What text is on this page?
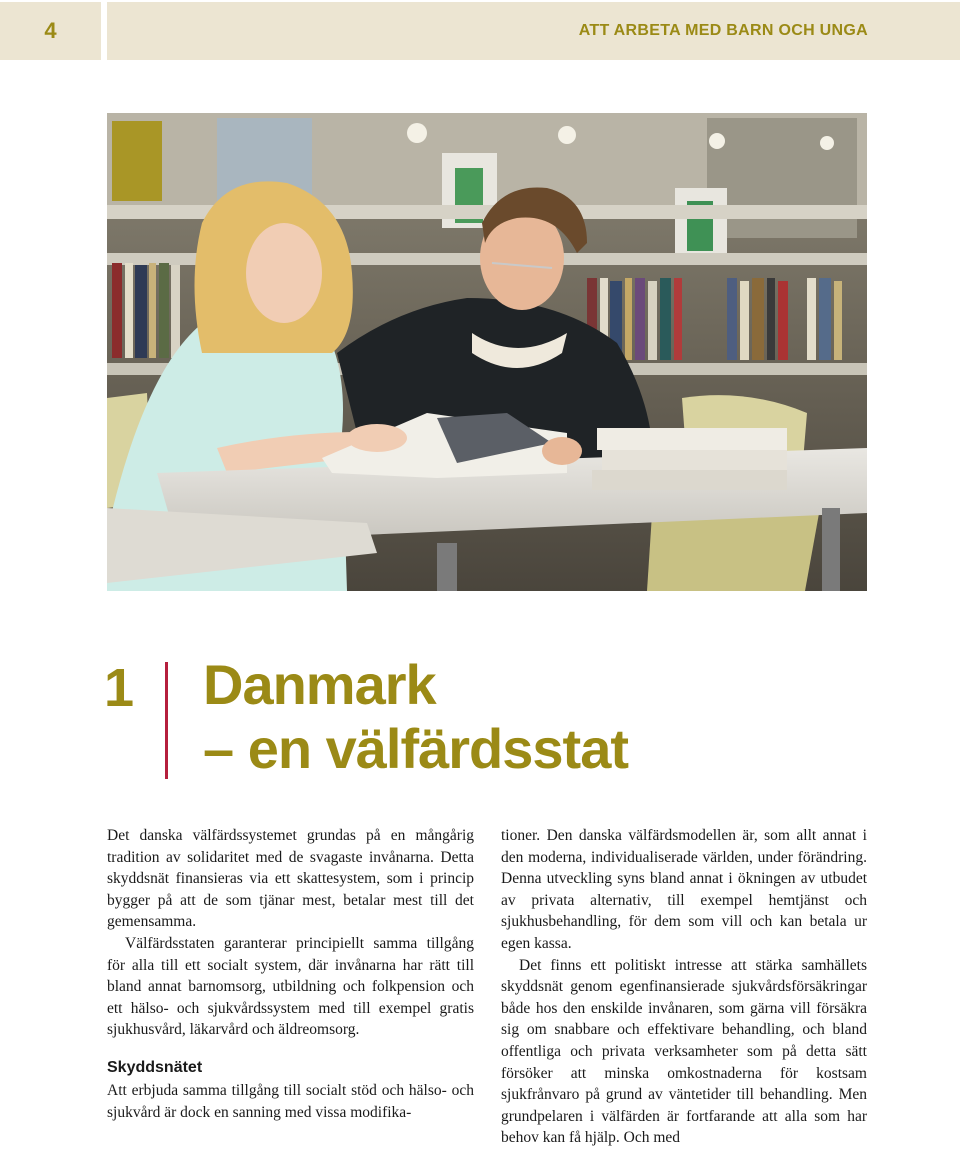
4	ATT ARBETA MED BARN OCH UNGA
1	Danmark
– en välfärdsstat

Det danska välfärdssystemet grundas på en mångårig tradition av solidaritet med de svagaste invånarna. Detta skyddsnät finansieras via ett skattesystem, som i princip bygger på att de som tjänar mest, betalar mest till det gemensamma.

Välfärdsstaten garanterar principiellt samma tillgång för alla till ett socialt system, där invånarna har rätt till bland annat barnomsorg, utbildning och folkpension och ett hälso- och sjukvårdssystem med till exempel gratis sjukhusvård, läkarvård och äldreomsorg.

Skyddsnätet

Att erbjuda samma tillgång till socialt stöd och hälso- och sjukvård är dock en sanning med vissa modifika-

tioner. Den danska välfärdsmodellen är, som allt annat i den moderna, individualiserade världen, under förändring. Denna utveckling syns bland annat i ökningen av utbudet av privata alternativ, till exempel hemtjänst och sjukhusbehandling, för dem som vill och kan betala ur egen kassa.

Det finns ett politiskt intresse att stärka samhällets skyddsnät genom egenfinansierade sjukvårdsförsäkringar både hos den enskilde invånaren, som gärna vill försäkra sig om snabbare och effektivare behandling, och bland offentliga och privata verksamheter som på detta sätt försöker att minska omkostnaderna för kostsam sjukfrånvaro på grund av väntetider till behandling. Men grundpelaren i välfärden är fortfarande att alla som har behov kan få hjälp. Och med
